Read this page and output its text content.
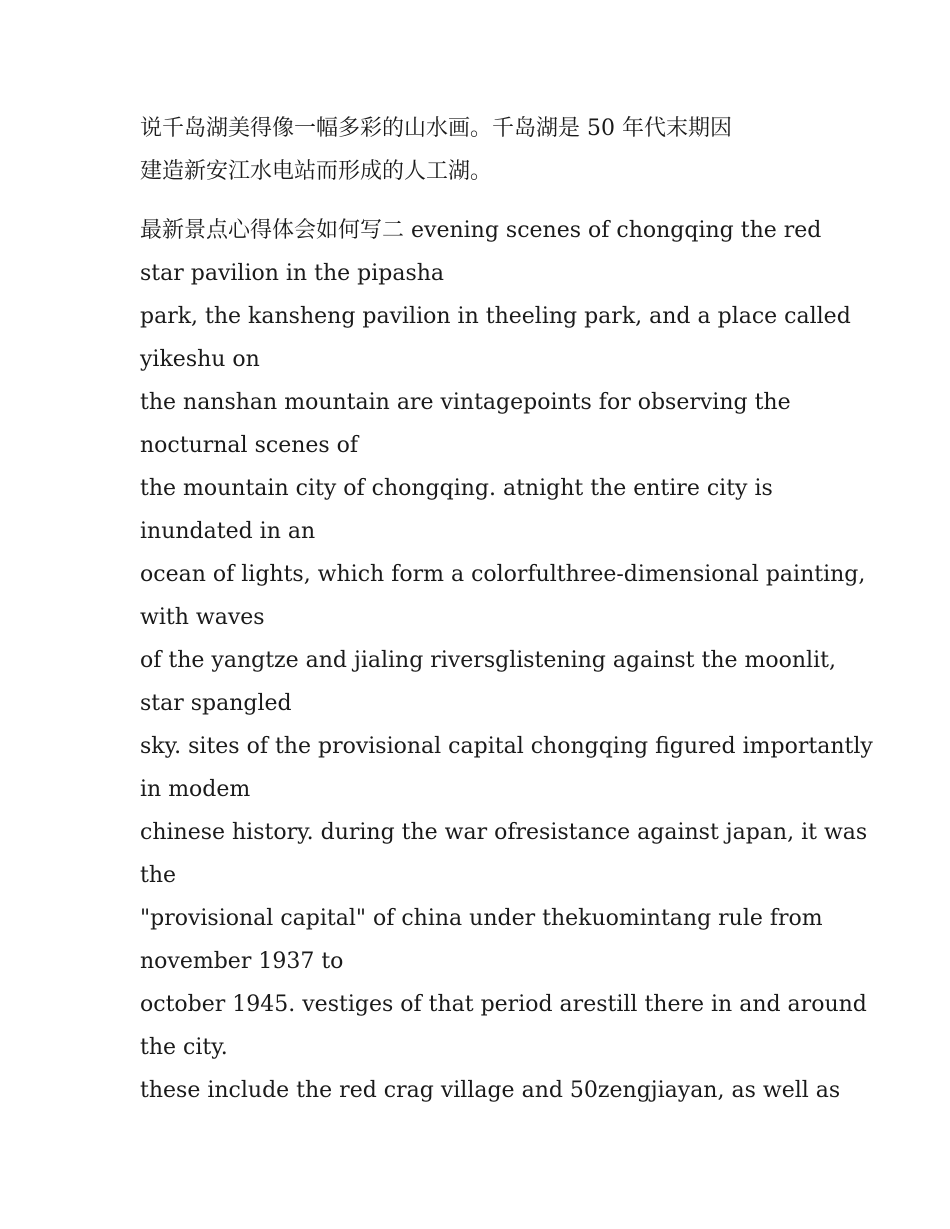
说千岛湖美得像一幅多彩的山水画。千岛湖是 50 年代末期因
建造新安江水电站而形成的人工湖。
最新景点心得体会如何写二 evening scenes of chongqing the red
star pavilion in the pipasha
park, the kansheng pavilion in theeling park, and a place called
yikeshu on
the nanshan mountain are vintagepoints for observing the
nocturnal scenes of
the mountain city of chongqing. atnight the entire city is
inundated in an
ocean of lights, which form a colorfulthree-dimensional painting,
with waves
of the yangtze and jialing riversglistening against the moonlit,
star spangled
sky. sites of the provisional capital chongqing figured importantly
in modem
chinese history. during the war ofresistance against japan, it was
the
"provisional capital" of china under thekuomintang rule from
november 1937 to
october 1945. vestiges of that period arestill there in and around
the city.
these include the red crag village and 50zengjiayan, as well as
